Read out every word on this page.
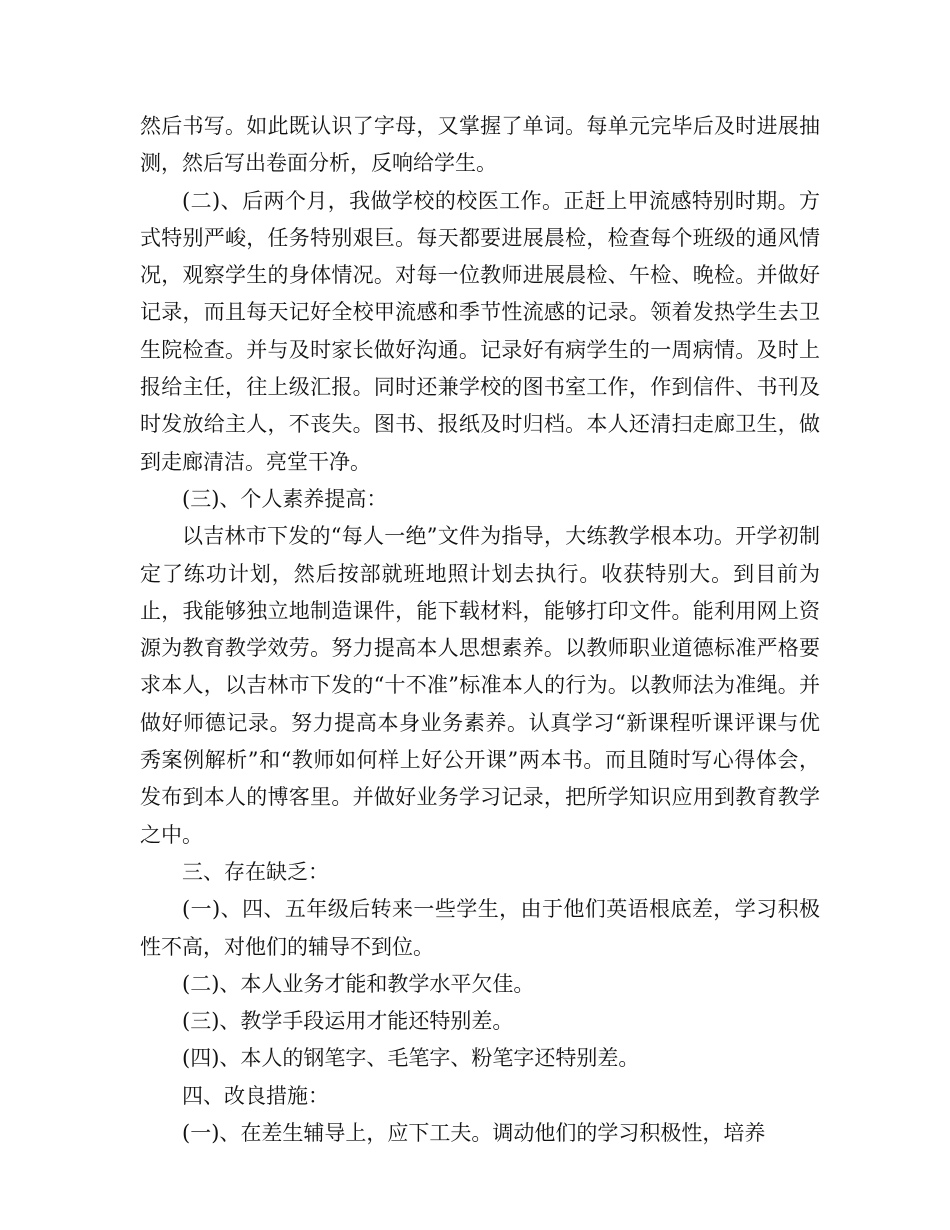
然后书写。如此既认识了字母，又掌握了单词。每单元完毕后及时进展抽测，然后写出卷面分析，反响给学生。

(二)、后两个月，我做学校的校医工作。正赶上甲流感特别时期。方式特别严峻，任务特别艰巨。每天都要进展晨检，检查每个班级的通风情况，观察学生的身体情况。对每一位教师进展晨检、午检、晚检。并做好记录，而且每天记好全校甲流感和季节性流感的记录。领着发热学生去卫生院检查。并与及时家长做好沟通。记录好有病学生的一周病情。及时上报给主任，往上级汇报。同时还兼学校的图书室工作，作到信件、书刊及时发放给主人，不丧失。图书、报纸及时归档。本人还清扫走廊卫生，做到走廊清洁。亮堂干净。

(三)、个人素养提高：

以吉林市下发的“每人一绝”文件为指导，大练教学根本功。开学初制定了练功计划，然后按部就班地照计划去执行。收获特别大。到目前为止，我能够独立地制造课件，能下载材料，能够打印文件。能利用网上资源为教育教学效劳。努力提高本人思想素养。以教师职业道德标准严格要求本人，以吉林市下发的“十不准”标准本人的行为。以教师法为准绳。并做好师德记录。努力提高本身业务素养。认真学习“新课程听课评课与优秀案例解析”和“教师如何样上好公开课”两本书。而且随时写心得体会，发布到本人的博客里。并做好业务学习记录，把所学知识应用到教育教学之中。

三、存在缺乏：

(一)、四、五年级后转来一些学生，由于他们英语根底差，学习积极性不高，对他们的辅导不到位。

(二)、本人业务才能和教学水平欠佳。

(三)、教学手段运用才能还特别差。

(四)、本人的钢笔字、毛笔字、粉笔字还特别差。

四、改良措施：

(一)、在差生辅导上，应下工夫。调动他们的学习积极性，培养
